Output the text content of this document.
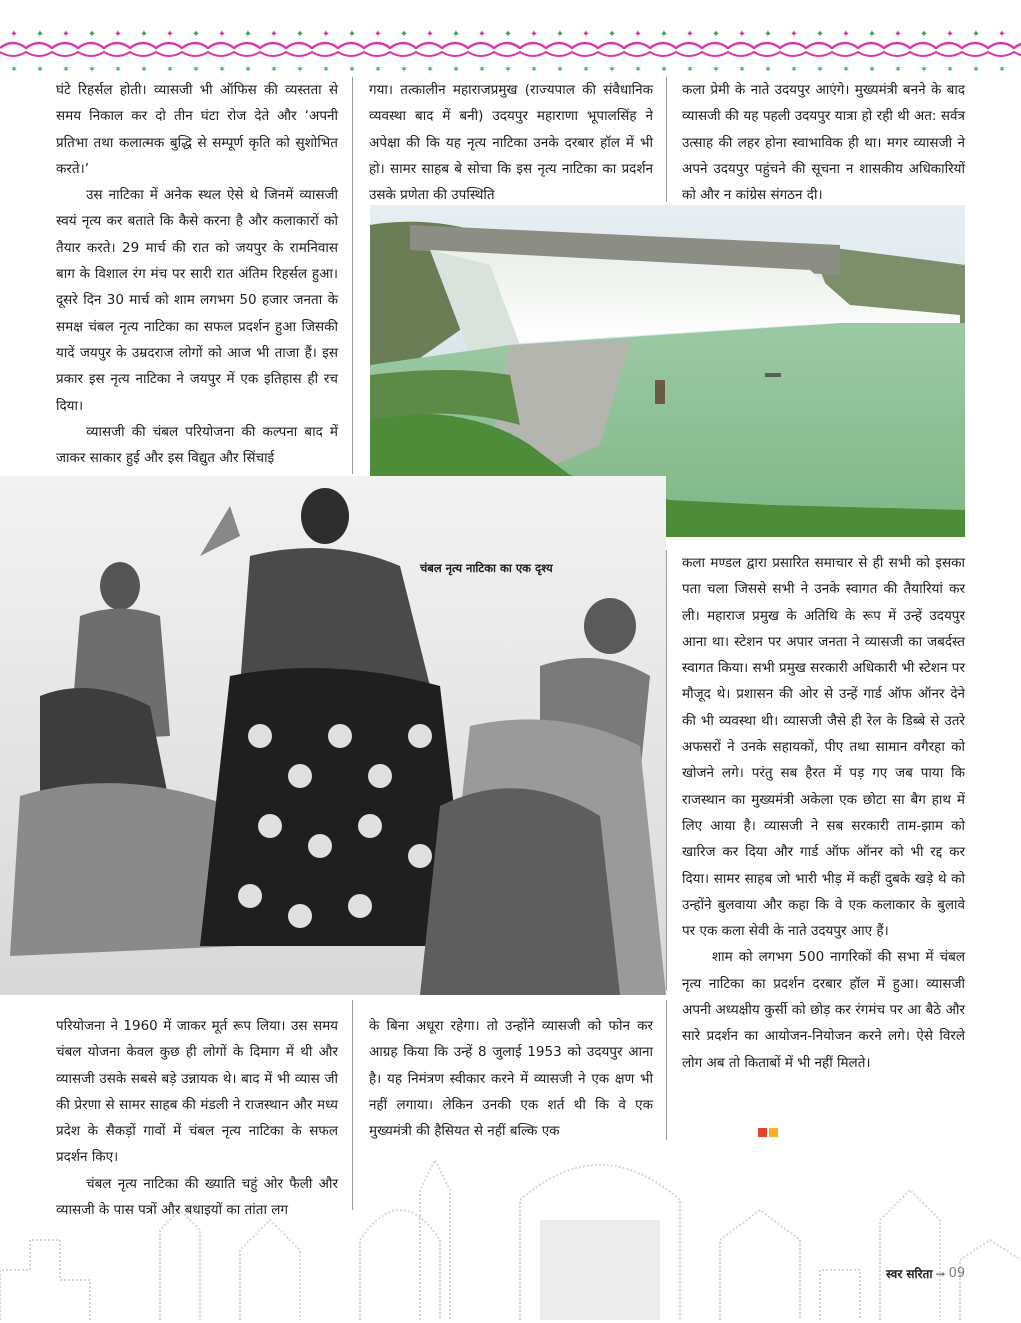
✦
✶
✦
✶
✦
✶
✦
✶
✦
✶
✦
✶
✦
✶
✦
✶
✦
✶
✦
✶
✦
✶
✦
✶
✦
✶
✦
✶
✦
✶
✦
✶
✦
✶
✦
✶
✦
✶
✦
✶
✦
✶
✦
✶
✦
✶
✦
✶
✦
✶
✦
✶
✦
✶
✦
✶
✦
✶
✦
✶
✦
✶
✦
✶
✦
✶
✦
✶
✦
✶
✦
✶
✦
✶
✦
✶
✦
✶

घंटे रिहर्सल होती। व्यासजी भी ऑफिस की व्यस्तता से समय निकाल कर दो तीन घंटा रोज देते और ‘अपनी प्रतिभा तथा कलात्मक बुद्धि से सम्पूर्ण कृति को सुशोभित करते।’

उस नाटिका में अनेक स्थल ऐसे थे जिनमें व्यासजी स्वयं नृत्य कर बताते कि कैसे करना है और कलाकारों को तैयार करते। 29 मार्च की रात को जयपुर के रामनिवास बाग के विशाल रंग मंच पर सारी रात अंतिम रिहर्सल हुआ। दूसरे दिन 30 मार्च को शाम लगभग 50 हजार जनता के समक्ष चंबल नृत्य नाटिका का सफल प्रदर्शन हुआ जिसकी यादें जयपुर के उम्रदराज लोगों को आज भी ताजा हैं। इस प्रकार इस नृत्य नाटिका ने जयपुर में एक इतिहास ही रच दिया।

व्यासजी की चंबल परियोजना की कल्पना बाद में जाकर साकार हुई और इस विद्युत और सिंचाई

गया। तत्कालीन महाराजप्रमुख (राज्यपाल की संवैधानिक व्यवस्था बाद में बनी) उदयपुर महाराणा भूपालसिंह ने अपेक्षा की कि यह नृत्य नाटिका उनके दरबार हॉल में भी हो। सामर साहब बे सोचा कि इस नृत्य नाटिका का प्रदर्शन उसके प्रणेता की उपस्थिति

कला प्रेमी के नाते उदयपुर आएंगे। मुख्यमंत्री बनने के बाद व्यासजी की यह पहली उदयपुर यात्रा हो रही थी अत: सर्वत्र उत्साह की लहर होना स्वाभाविक ही था। मगर व्यासजी ने अपने उदयपुर पहुंचने की सूचना न शासकीय अधिकारियों को और न कांग्रेस संगठन दी।

चंबल नृत्य नाटिका का एक दृश्य	कला मण्डल द्वारा प्रसारित समाचार से ही सभी को इसका पता चला जिससे सभी ने उनके स्वागत की तैयारियां कर ली। महाराज प्रमुख के अतिथि के रूप में उन्हें उदयपुर आना था। स्टेशन पर अपार जनता ने व्यासजी का जबर्दस्त स्वागत किया। सभी प्रमुख सरकारी अधिकारी भी स्टेशन पर मौजूद थे। प्रशासन की ओर से उन्हें गार्ड ऑफ ऑनर देने की भी व्यवस्था थी। व्यासजी जैसे ही रेल के डिब्बे से उतरे अफसरों ने उनके सहायकों, पीए तथा सामान वगैरहा को खोजने लगे। परंतु सब हैरत में पड़ गए जब पाया कि राजस्थान का मुख्यमंत्री अकेला एक छोटा सा बैग हाथ में लिए आया है। व्यासजी ने सब सरकारी ताम-झाम को खारिज कर दिया और गार्ड ऑफ ऑनर को भी रद्द कर दिया। सामर साहब जो भारी भीड़ में कहीं दुबके खड़े थे को उन्होंने बुलवाया और कहा कि वे एक कलाकार के बुलावे पर एक कला सेवी के नाते उदयपुर आए हैं।

शाम को लगभग 500 नागरिकों की सभा में चंबल नृत्य नाटिका का प्रदर्शन दरबार हॉल में हुआ। व्यासजी अपनी अध्यक्षीय कुर्सी को छोड़ कर रंगमंच पर आ बैठे और सारे प्रदर्शन का आयोजन-नियोजन करने लगे। ऐसे विरले लोग अब तो किताबों में भी नहीं मिलते।

परियोजना ने 1960 में जाकर मूर्त रूप लिया। उस समय चंबल योजना केवल कुछ ही लोगों के दिमाग में थी और व्यासजी उसके सबसे बड़े उन्नायक थे। बाद में भी व्यास जी की प्रेरणा से सामर साहब की मंडली ने राजस्थान और मध्य प्रदेश के सैकड़ों गावों में चंबल नृत्य नाटिका के सफल प्रदर्शन किए।

चंबल नृत्य नाटिका की ख्याति चहुं ओर फैली और व्यासजी के पास पत्रों और बधाइयों का तांता लग

के बिना अधूरा रहेगा। तो उन्होंने व्यासजी को फोन कर आग्रह किया कि उन्हें 8 जुलाई 1953 को उदयपुर आना है। यह निमंत्रण स्वीकार करने में व्यासजी ने एक क्षण भी नहीं लगाया। लेकिन उनकी एक शर्त थी कि वे एक मुख्यमंत्री की हैसियत से नहीं बल्कि एक

स्वर सरिता ➞ 09
